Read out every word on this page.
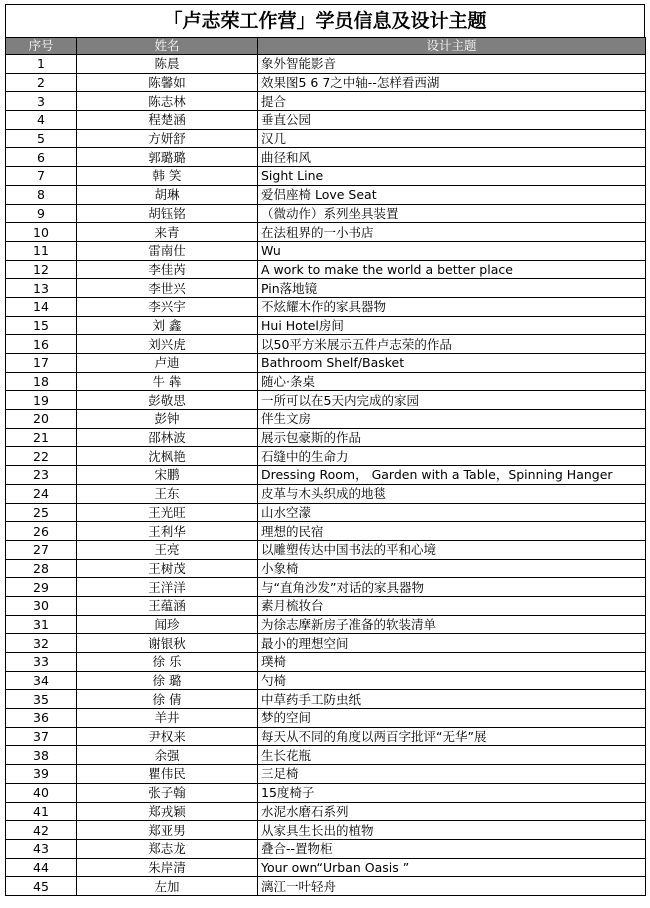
「卢志荣工作营」学员信息及设计主题
序号	姓名	设计主题
1	陈晨	象外智能影音
2	陈馨如	效果图5 6 7之中轴--怎样看西湖
3	陈志林	提合
4	程楚涵	垂直公园
5	方妍舒	汉几
6	郭璐璐	曲径和风
7	韩 笑	Sight Line
8	胡琳	爱侣座椅 Love Seat
9	胡钰铭	（微动作）系列坐具装置
10	来青	在法租界的一小书店
11	雷南仕	Wu
12	李佳芮	A work to make the world a better place
13	李世兴	Pin落地镜
14	李兴宇	不炫耀木作的家具器物
15	刘 鑫	Hui Hotel房间
16	刘兴虎	以50平方米展示五件卢志荣的作品
17	卢迪	Bathroom Shelf/Basket
18	牛 犇	随心·条桌
19	彭敬思	一所可以在5天内完成的家园
20	彭钟	伴生文房
21	邵林波	展示包豪斯的作品
22	沈枫艳	石缝中的生命力
23	宋鹏	Dressing Room， Garden with a Table，Spinning Hanger
24	王东	皮革与木头织成的地毯
25	王光旺	山水空濛
26	王利华	理想的民宿
27	王亮	以雕塑传达中国书法的平和心境
28	王树茂	小象椅
29	王洋洋	与“直角沙发”对话的家具器物
30	王蕴涵	素月梳妆台
31	闻珍	为徐志摩新房子准备的软装清单
32	谢银秋	最小的理想空间
33	徐 乐	璞椅
34	徐 璐	勺椅
35	徐 倩	中草药手工防虫纸
36	羊井	梦的空间
37	尹权来	每天从不同的角度以两百字批评“无华”展
38	余强	生长花瓶
39	瞿伟民	三足椅
40	张子翰	15度椅子
41	郑戎颖	水泥水磨石系列
42	郑亚男	从家具生长出的植物
43	郑志龙	叠合--置物柜
44	朱岸清	Your own“Urban Oasis ”
45	左加	漓江一叶轻舟
